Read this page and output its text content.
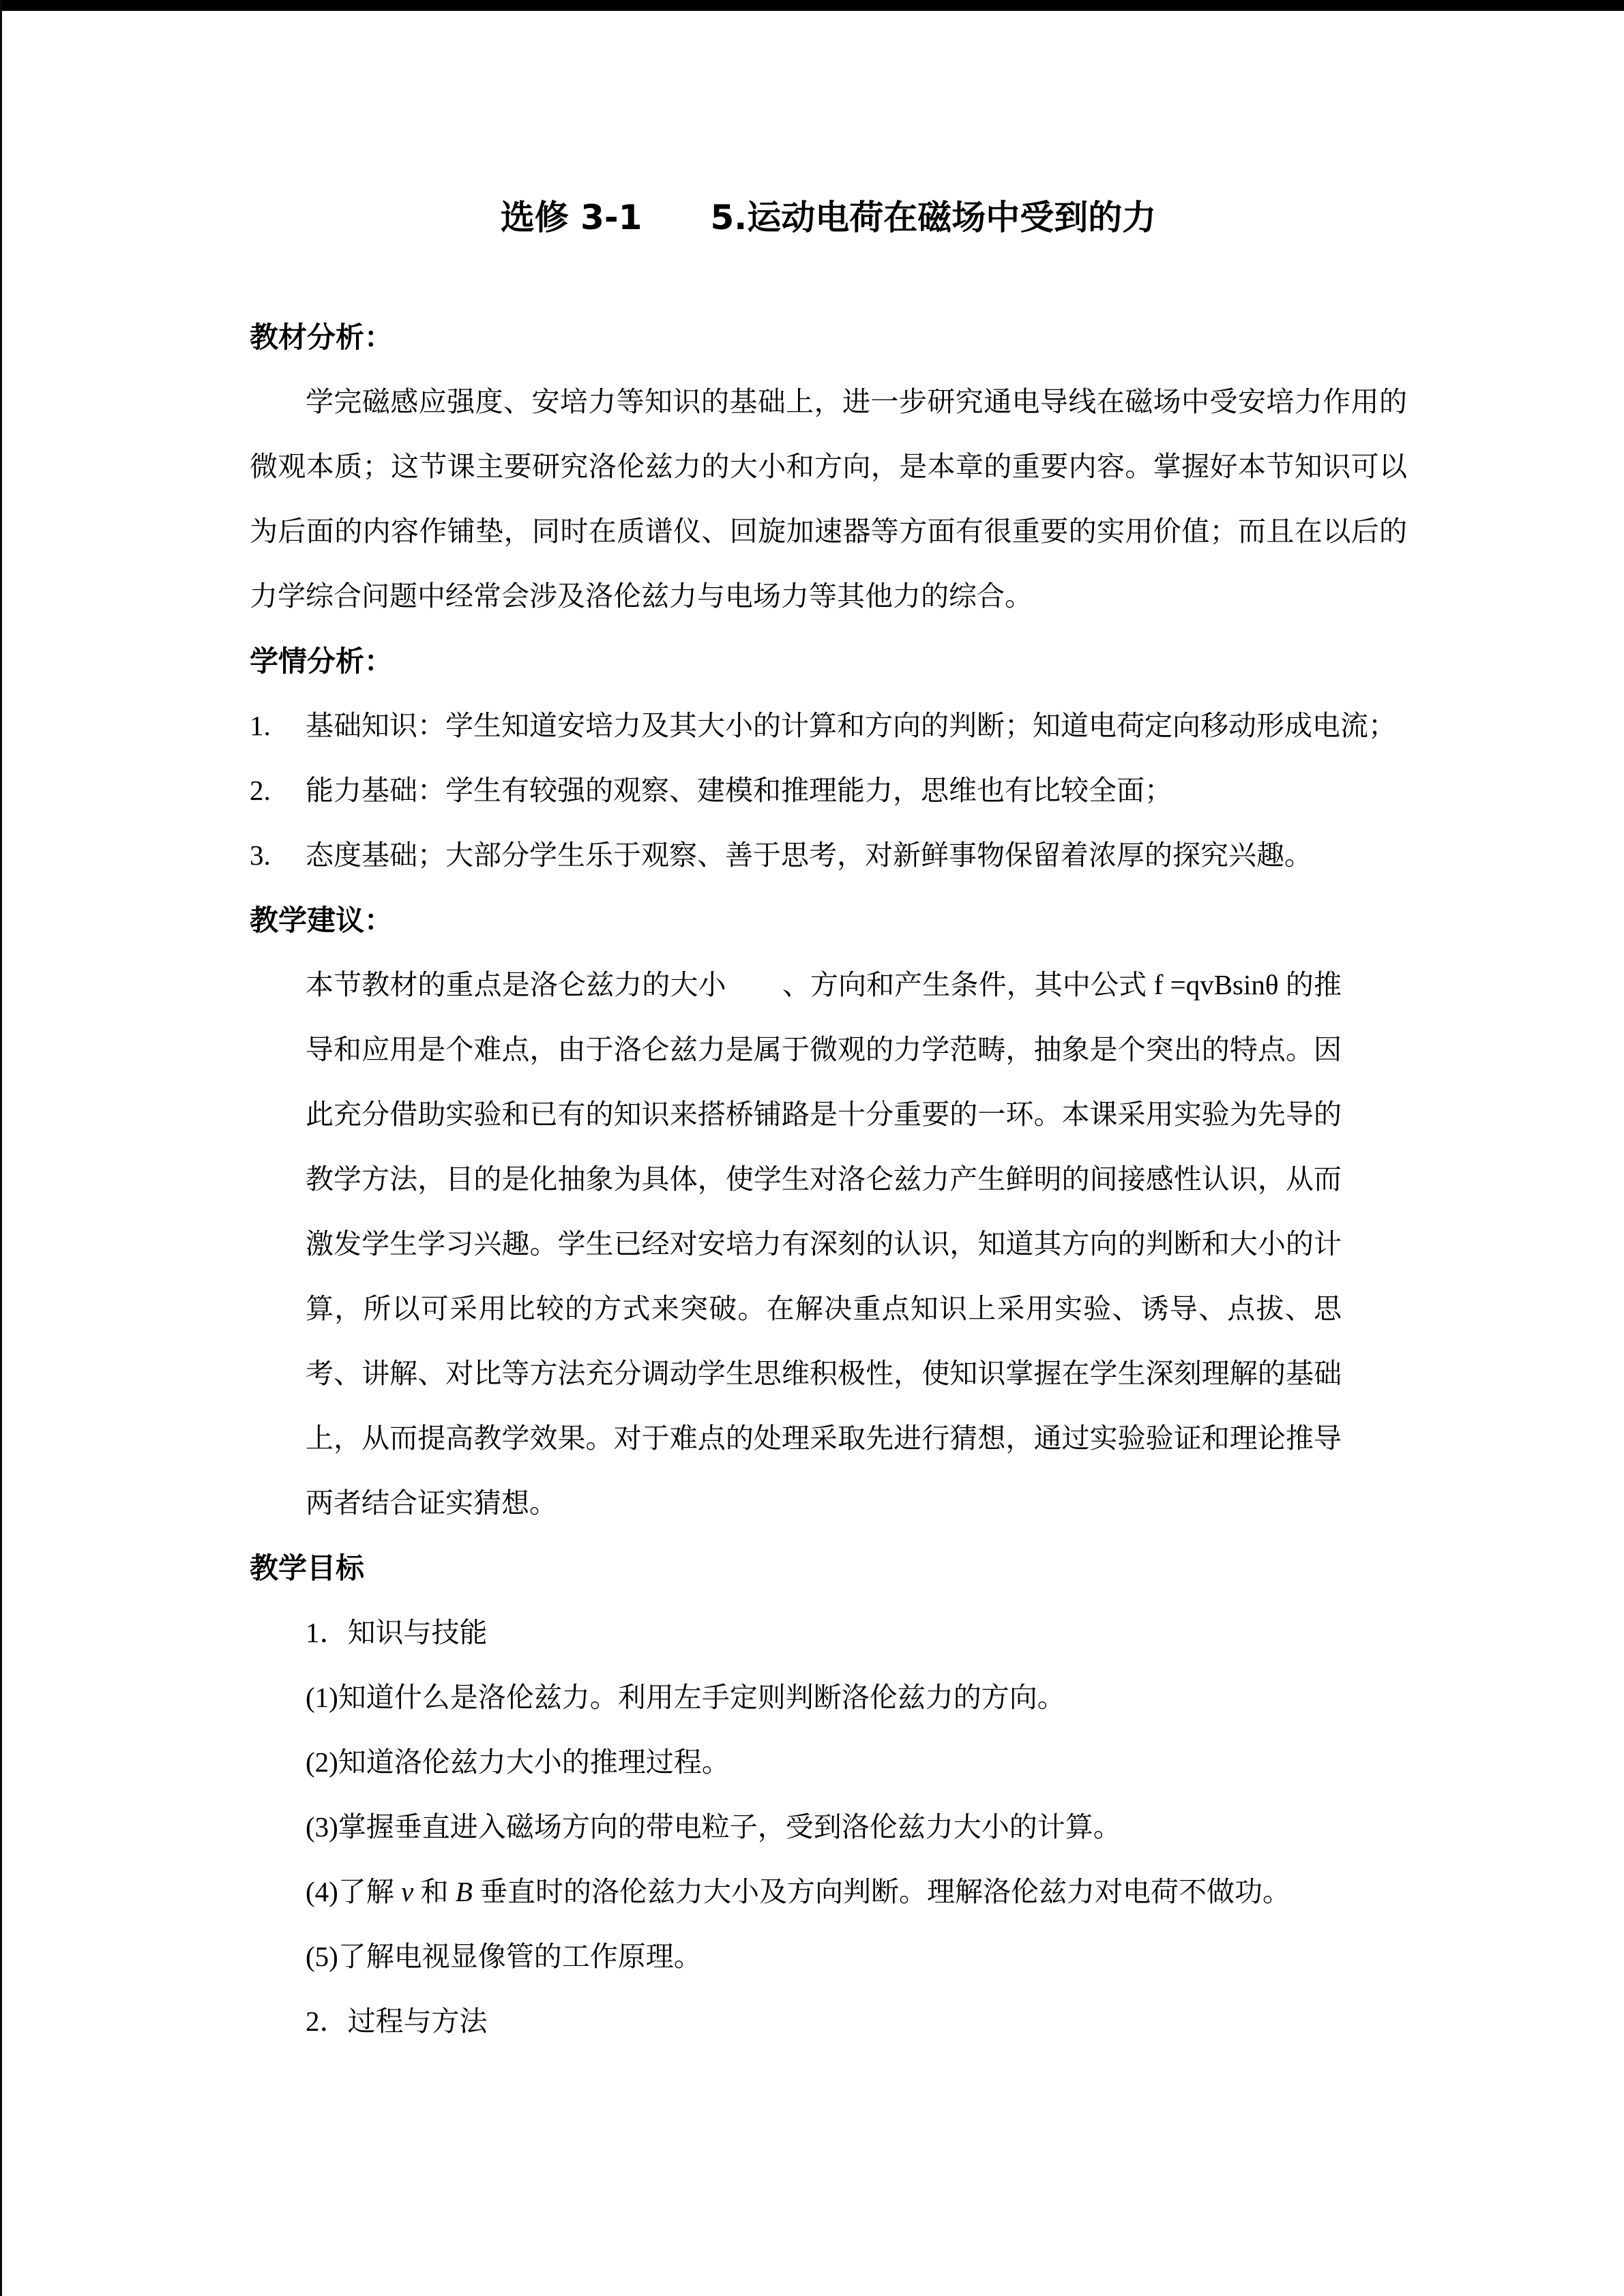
选修 3-1　　5.运动电荷在磁场中受到的力
教材分析：

学完磁感应强度、安培力等知识的基础上，进一步研究通电导线在磁场中受安培力作用的微观本质；这节课主要研究洛伦兹力的大小和方向，是本章的重要内容。掌握好本节知识可以为后面的内容作铺垫，同时在质谱仪、回旋加速器等方面有很重要的实用价值；而且在以后的力学综合问题中经常会涉及洛伦兹力与电场力等其他力的综合。

学情分析：
1. 基础知识：学生知道安培力及其大小的计算和方向的判断；知道电荷定向移动形成电流；
2. 能力基础：学生有较强的观察、建模和推理能力，思维也有比较全面；
3. 态度基础；大部分学生乐于观察、善于思考，对新鲜事物保留着浓厚的探究兴趣。
教学建议：

本节教材的重点是洛仑兹力的大小　　、方向和产生条件，其中公式 f =qvBsinθ 的推导和应用是个难点，由于洛仑兹力是属于微观的力学范畴，抽象是个突出的特点。因此充分借助实验和已有的知识来搭桥铺路是十分重要的一环。本课采用实验为先导的教学方法，目的是化抽象为具体，使学生对洛仑兹力产生鲜明的间接感性认识，从而激发学生学习兴趣。学生已经对安培力有深刻的认识，知道其方向的判断和大小的计算，所以可采用比较的方式来突破。在解决重点知识上采用实验、诱导、点拔、思考、讲解、对比等方法充分调动学生思维积极性，使知识掌握在学生深刻理解的基础上，从而提高教学效果。对于难点的处理采取先进行猜想，通过实验验证和理论推导两者结合证实猜想。

教学目标

1．知识与技能

(1)知道什么是洛伦兹力。利用左手定则判断洛伦兹力的方向。

(2)知道洛伦兹力大小的推理过程。

(3)掌握垂直进入磁场方向的带电粒子，受到洛伦兹力大小的计算。

(4)了解 v 和 B 垂直时的洛伦兹力大小及方向判断。理解洛伦兹力对电荷不做功。

(5)了解电视显像管的工作原理。

2．过程与方法
